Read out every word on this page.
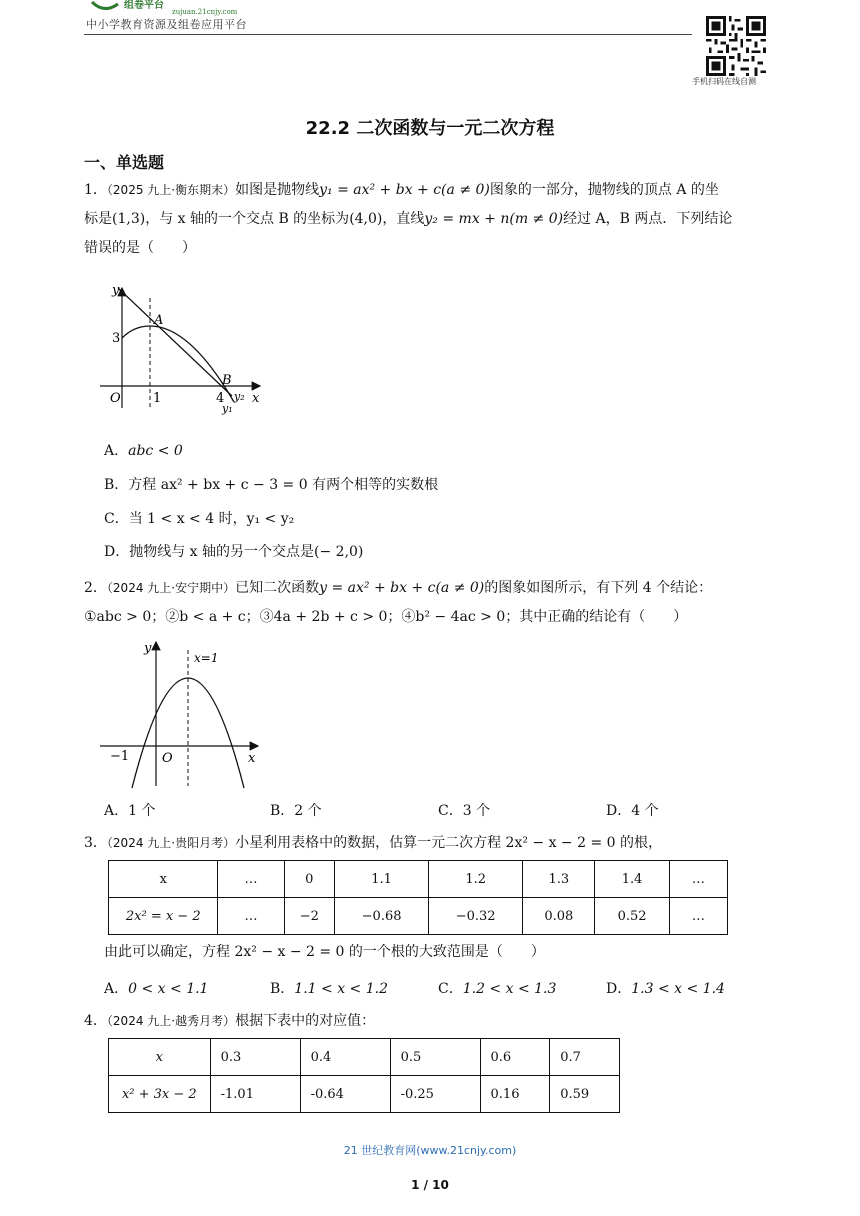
组卷平台
zujuan.21cnjy.com
中小学教育资源及组卷应用平台
手机扫码在线自测
22.2 二次函数与一元二次方程
一、单选题
1．（2025 九上·衡东期末）如图是抛物线y₁ = ax² + bx + c(a ≠ 0)图象的一部分，抛物线的顶点 A 的坐
标是(1,3)，与 x 轴的一个交点 B 的坐标为(4,0)，直线y₂ = mx + n(m ≠ 0)经过 A，B 两点．下列结论
错误的是（　　）
y
x
A
B
O
3
1	4 y₂
y₁
A．abc < 0
B．方程 ax² + bx + c − 3 = 0 有两个相等的实数根
C．当 1 < x < 4 时，y₁ < y₂
D．抛物线与 x 轴的另一个交点是(− 2,0)
2．（2024 九上·安宁期中）已知二次函数y = ax² + bx + c(a ≠ 0)的图象如图所示，有下列 4 个结论：
①abc > 0；②b < a + c；③4a + 2b + c > 0；④b² − 4ac > 0；其中正确的结论有（　　）
y
x
O
−1
x=1
A．1 个	B．2 个	C．3 个	D．4 个
3．（2024 九上·贵阳月考）小星利用表格中的数据，估算一元二次方程 2x² − x − 2 = 0 的根，
x	…	0	1.1	1.2	1.3	1.4	…
2x² = x − 2	…	−2	−0.68	−0.32	0.08	0.52	…
由此可以确定，方程 2x² − x − 2 = 0 的一个根的大致范围是（　　）
A．0 < x < 1.1	B．1.1 < x < 1.2	C．1.2 < x < 1.3	D．1.3 < x < 1.4
4．（2024 九上·越秀月考）根据下表中的对应值：
x	0.3	0.4	0.5	0.6	0.7
x² + 3x − 2	-1.01	-0.64	-0.25	0.16	0.59
21 世纪教育网(www.21cnjy.com)
1 / 10
